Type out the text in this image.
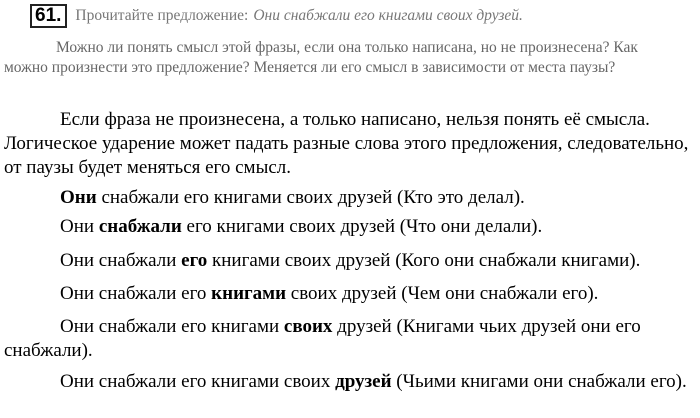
61. Прочитайте предложение: Они снабжали его книгами своих друзей.

Можно ли понять смысл этой фразы, если она только написана, но не произнесена? Как можно произнести это предложение? Меняется ли его смысл в зависимости от места паузы?

Если фраза не произнесена, а только написано, нельзя понять её смысла. Логическое ударение может падать разные слова этого предложения, следовательно, от паузы будет меняться его смысл.

Они снабжали его книгами своих друзей (Кто это делал).

Они снабжали его книгами своих друзей (Что они делали).

Они снабжали его книгами своих друзей (Кого они снабжали книгами).

Они снабжали его книгами своих друзей (Чем они снабжали его).

Они снабжали его книгами своих друзей (Книгами чьих друзей они его снабжали).

Они снабжали его книгами своих друзей (Чьими книгами они снабжали его).
